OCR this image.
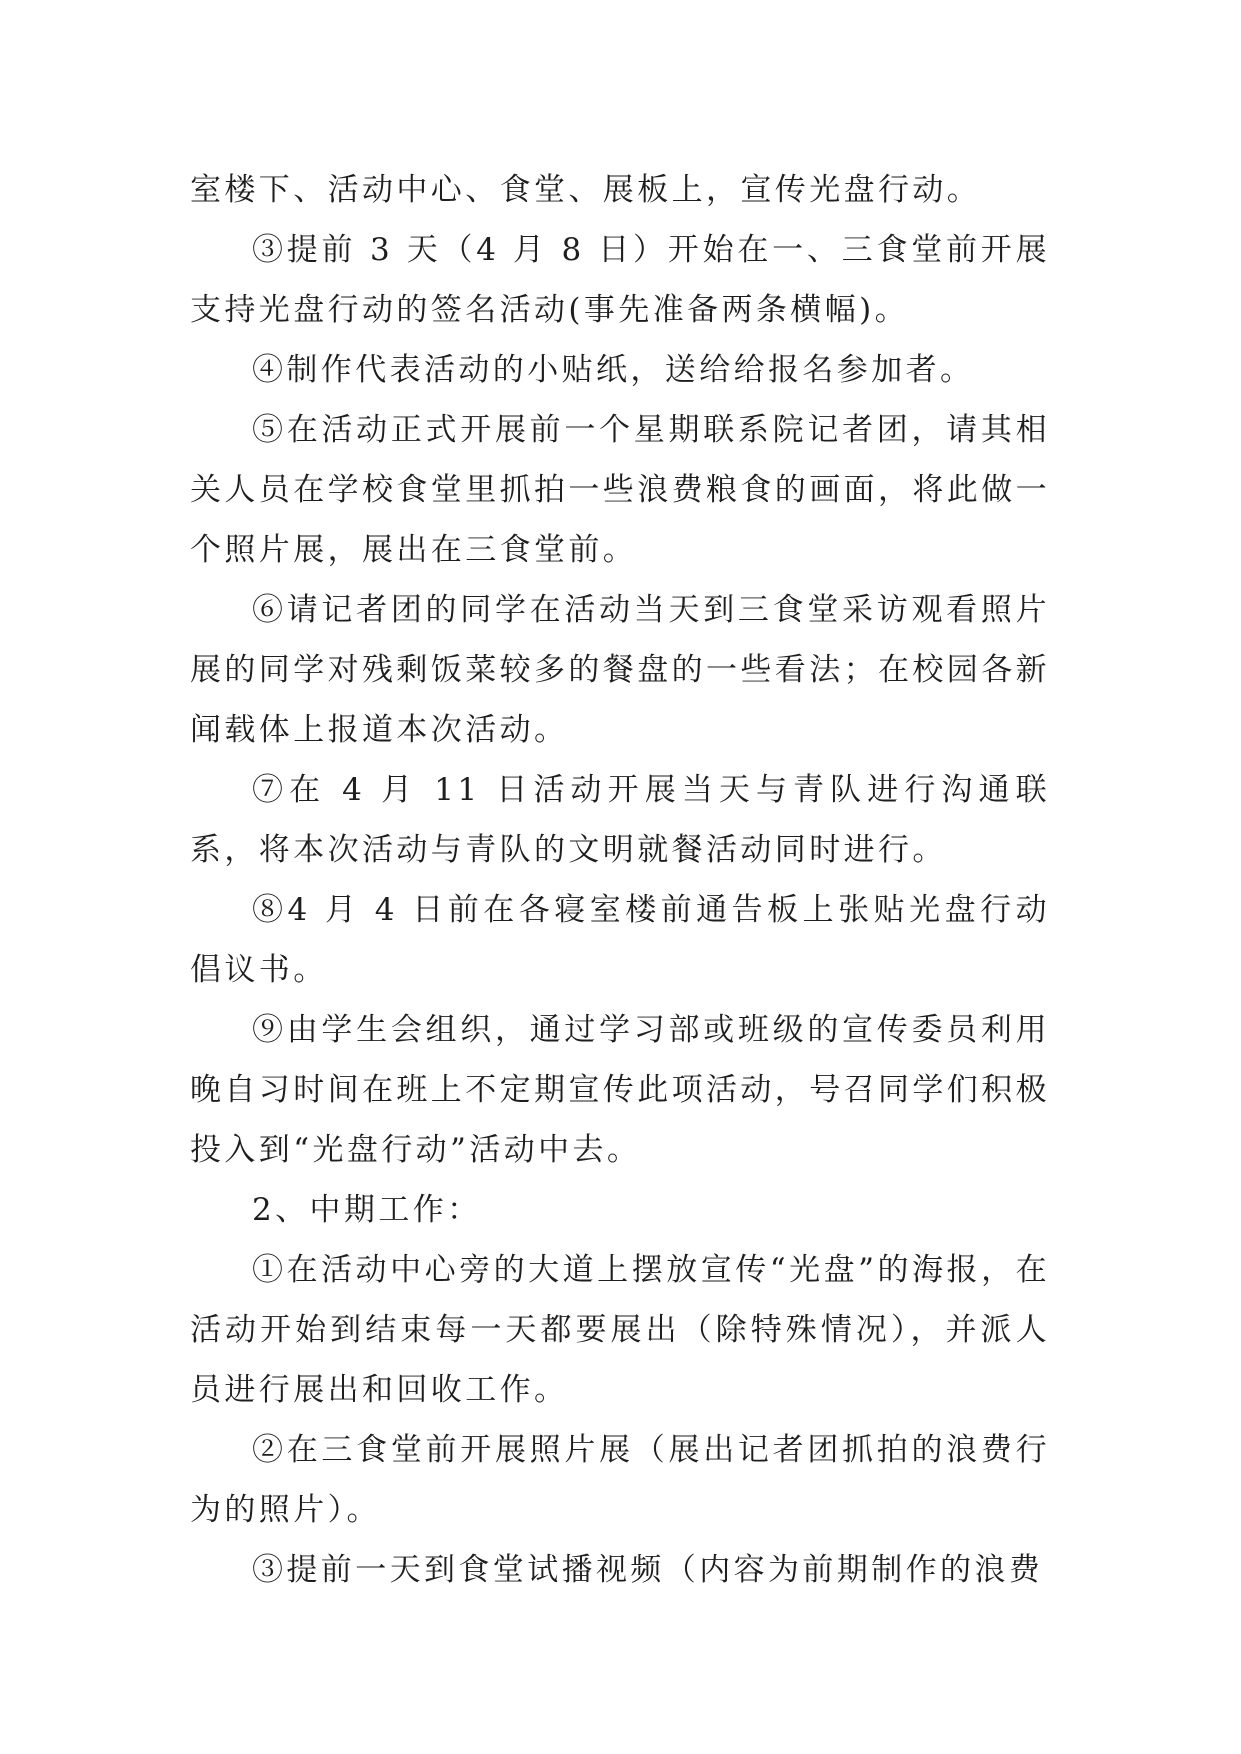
室楼下、活动中心、食堂、展板上，宣传光盘行动。

③提前 3 天（4 月 8 日）开始在一、三食堂前开展支持光盘行动的签名活动(事先准备两条横幅)。

④制作代表活动的小贴纸，送给给报名参加者。

⑤在活动正式开展前一个星期联系院记者团，请其相关人员在学校食堂里抓拍一些浪费粮食的画面，将此做一个照片展，展出在三食堂前。

⑥请记者团的同学在活动当天到三食堂采访观看照片展的同学对残剩饭菜较多的餐盘的一些看法；在校园各新闻载体上报道本次活动。

⑦在 4 月 11 日活动开展当天与青队进行沟通联系，将本次活动与青队的文明就餐活动同时进行。

⑧4 月 4 日前在各寝室楼前通告板上张贴光盘行动倡议书。

⑨由学生会组织，通过学习部或班级的宣传委员利用晚自习时间在班上不定期宣传此项活动，号召同学们积极投入到“光盘行动”活动中去。

2、中期工作：

①在活动中心旁的大道上摆放宣传“光盘”的海报，在活动开始到结束每一天都要展出（除特殊情况），并派人员进行展出和回收工作。

②在三食堂前开展照片展（展出记者团抓拍的浪费行为的照片）。

③提前一天到食堂试播视频（内容为前期制作的浪费
